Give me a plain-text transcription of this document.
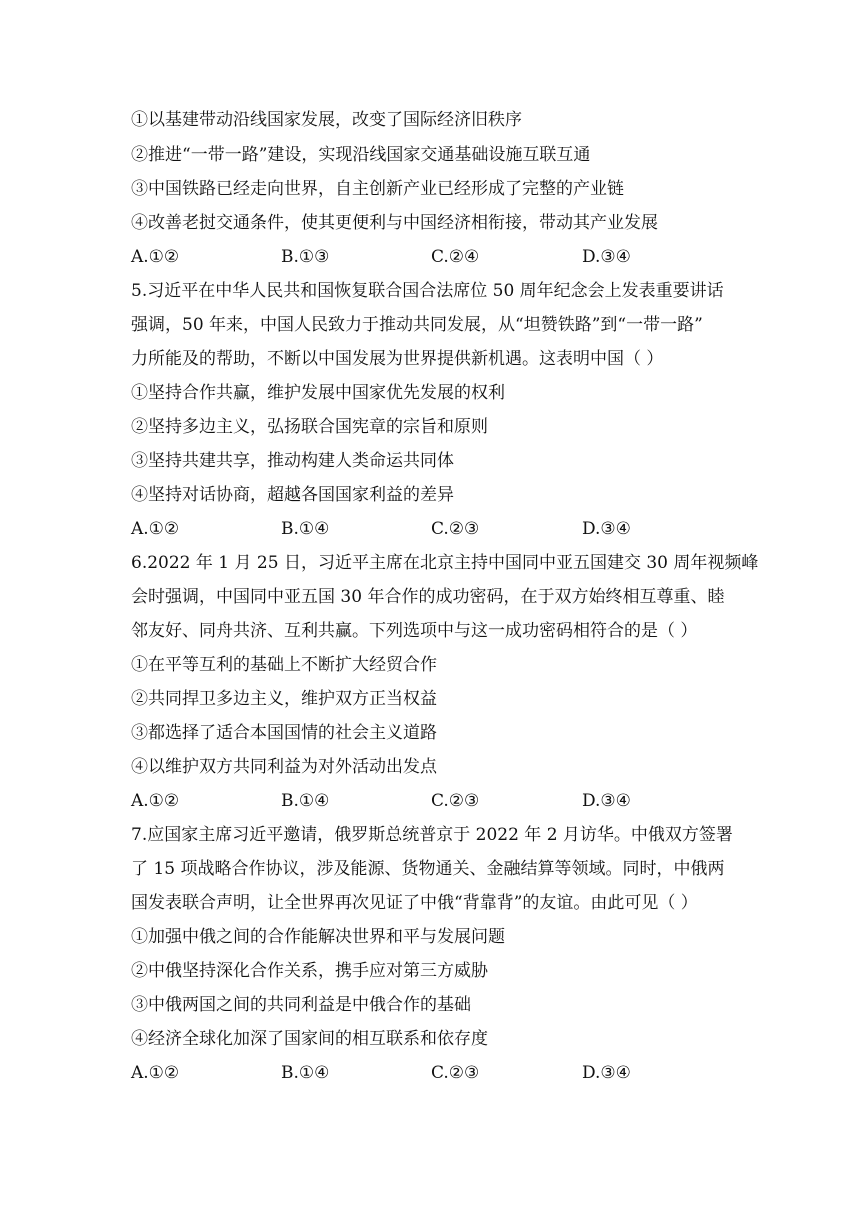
①以基建带动沿线国家发展，改变了国际经济旧秩序
②推进“一带一路”建设，实现沿线国家交通基础设施互联互通
③中国铁路已经走向世界，自主创新产业已经形成了完整的产业链
④改善老挝交通条件，使其更便利与中国经济相衔接，带动其产业发展
A.①②	B.①③	C.②④	D.③④
5.习近平在中华人民共和国恢复联合国合法席位 50 周年纪念会上发表重要讲话
强调，50 年来，中国人民致力于推动共同发展，从“坦赞铁路”到“一带一路”
力所能及的帮助，不断以中国发展为世界提供新机遇。这表明中国（ ）
①坚持合作共赢，维护发展中国家优先发展的权利
②坚持多边主义，弘扬联合国宪章的宗旨和原则
③坚持共建共享，推动构建人类命运共同体
④坚持对话协商，超越各国国家利益的差异
A.①②	B.①④	C.②③	D.③④
6.2022 年 1 月 25 日，习近平主席在北京主持中国同中亚五国建交 30 周年视频峰
会时强调，中国同中亚五国 30 年合作的成功密码，在于双方始终相互尊重、睦
邻友好、同舟共济、互利共赢。下列选项中与这一成功密码相符合的是（ ）
①在平等互利的基础上不断扩大经贸合作
②共同捍卫多边主义，维护双方正当权益
③都选择了适合本国国情的社会主义道路
④以维护双方共同利益为对外活动出发点
A.①②	B.①④	C.②③	D.③④
7.应国家主席习近平邀请，俄罗斯总统普京于 2022 年 2 月访华。中俄双方签署
了 15 项战略合作协议，涉及能源、货物通关、金融结算等领域。同时，中俄两
国发表联合声明，让全世界再次见证了中俄“背靠背”的友谊。由此可见（ ）
①加强中俄之间的合作能解决世界和平与发展问题
②中俄坚持深化合作关系，携手应对第三方威胁
③中俄两国之间的共同利益是中俄合作的基础
④经济全球化加深了国家间的相互联系和依存度
A.①②	B.①④	C.②③	D.③④
